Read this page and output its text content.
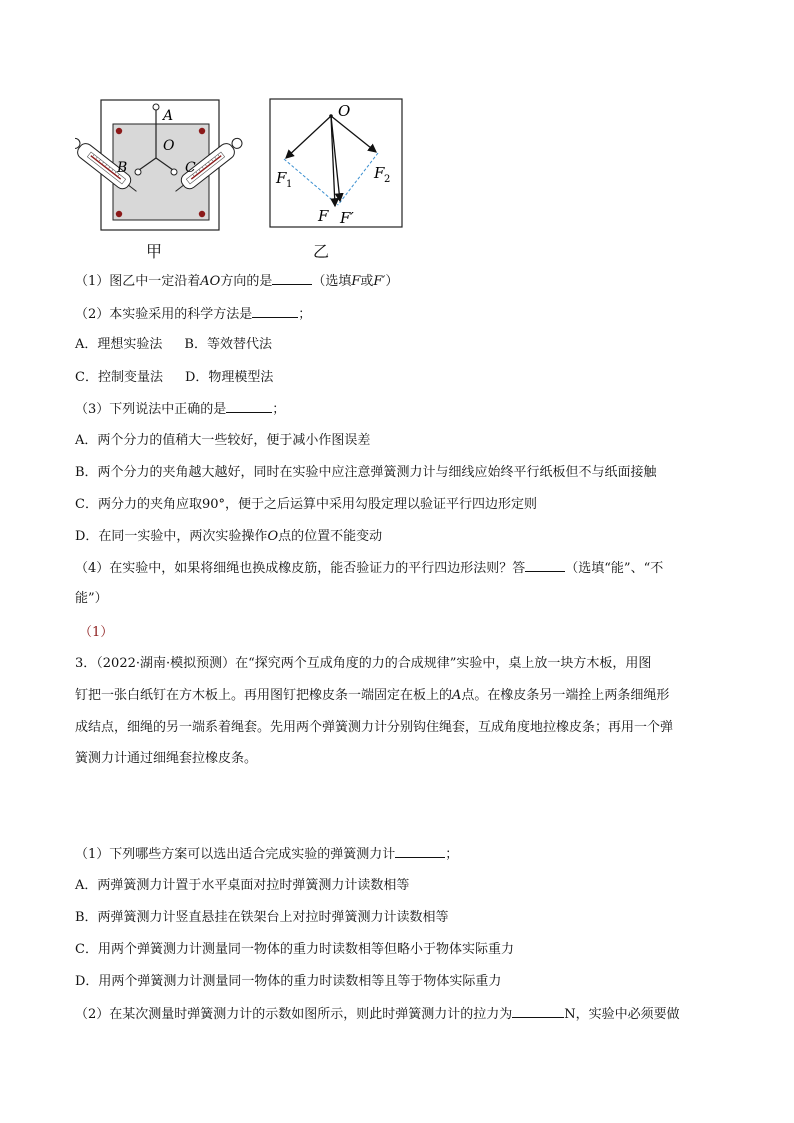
A
O
B	C
甲
O
F 1
F 2
F F′
乙
（1）图乙中一定沿着AO方向的是	（选填F或F′）
（2）本实验采用的科学方法是	；
A．理想实验法 B．等效替代法
C．控制变量法 D．物理模型法
（3）下列说法中正确的是	；
A．两个分力的值稍大一些较好，便于减小作图误差
B．两个分力的夹角越大越好，同时在实验中应注意弹簧测力计与细线应始终平行纸板但不与纸面接触
C．两分力的夹角应取90°，便于之后运算中采用勾股定理以验证平行四边形定则
D．在同一实验中，两次实验操作O点的位置不能变动
（4）在实验中，如果将细绳也换成橡皮筋，能否验证力的平行四边形法则？答	（选填“能”、“不
能”）
（1）
3．（2022·湖南·模拟预测）在“探究两个互成角度的力的合成规律”实验中，桌上放一块方木板，用图
钉把一张白纸钉在方木板上。再用图钉把橡皮条一端固定在板上的A点。在橡皮条另一端拴上两条细绳形
成结点，细绳的另一端系着绳套。先用两个弹簧测力计分别钩住绳套，互成角度地拉橡皮条；再用一个弹
簧测力计通过细绳套拉橡皮条。
（1）下列哪些方案可以选出适合完成实验的弹簧测力计	；
A．两弹簧测力计置于水平桌面对拉时弹簧测力计读数相等
B．两弹簧测力计竖直悬挂在铁架台上对拉时弹簧测力计读数相等
C．用两个弹簧测力计测量同一物体的重力时读数相等但略小于物体实际重力
D．用两个弹簧测力计测量同一物体的重力时读数相等且等于物体实际重力
（2）在某次测量时弹簧测力计的示数如图所示，则此时弹簧测力计的拉力为	N，实验中必须要做
